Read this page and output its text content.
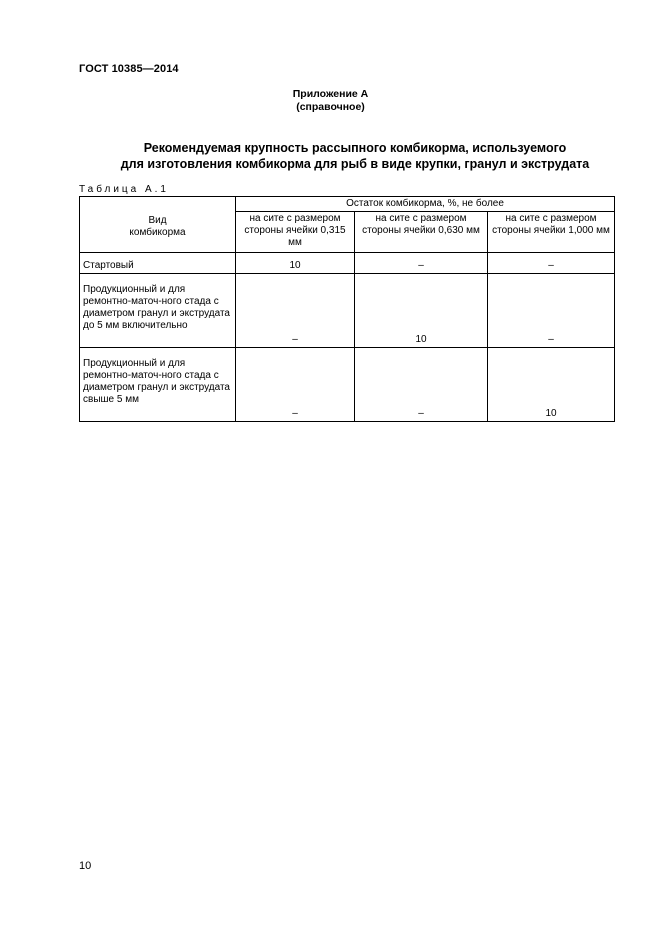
ГОСТ 10385—2014
Приложение А
(справочное)
Рекомендуемая крупность рассыпного комбикорма, используемого
для изготовления комбикорма для рыб в виде крупки, гранул и экструдата
Таблица А.1
Вид комбикорма	Остаток комбикорма, %, не более		
	на сите с размером стороны ячейки 0,315 мм	на сите с размером стороны ячейки 0,630 мм	на сите с размером стороны ячейки 1,000 мм
Стартовый	10	–	–
Продукционный и для ремонтно-маточ-ного стада с диаметром гранул и экструдата до 5 мм включительно	–	10	–
Продукционный и для ремонтно-маточ-ного стада с диаметром гранул и экструдата свыше 5 мм	–	–	10
10
